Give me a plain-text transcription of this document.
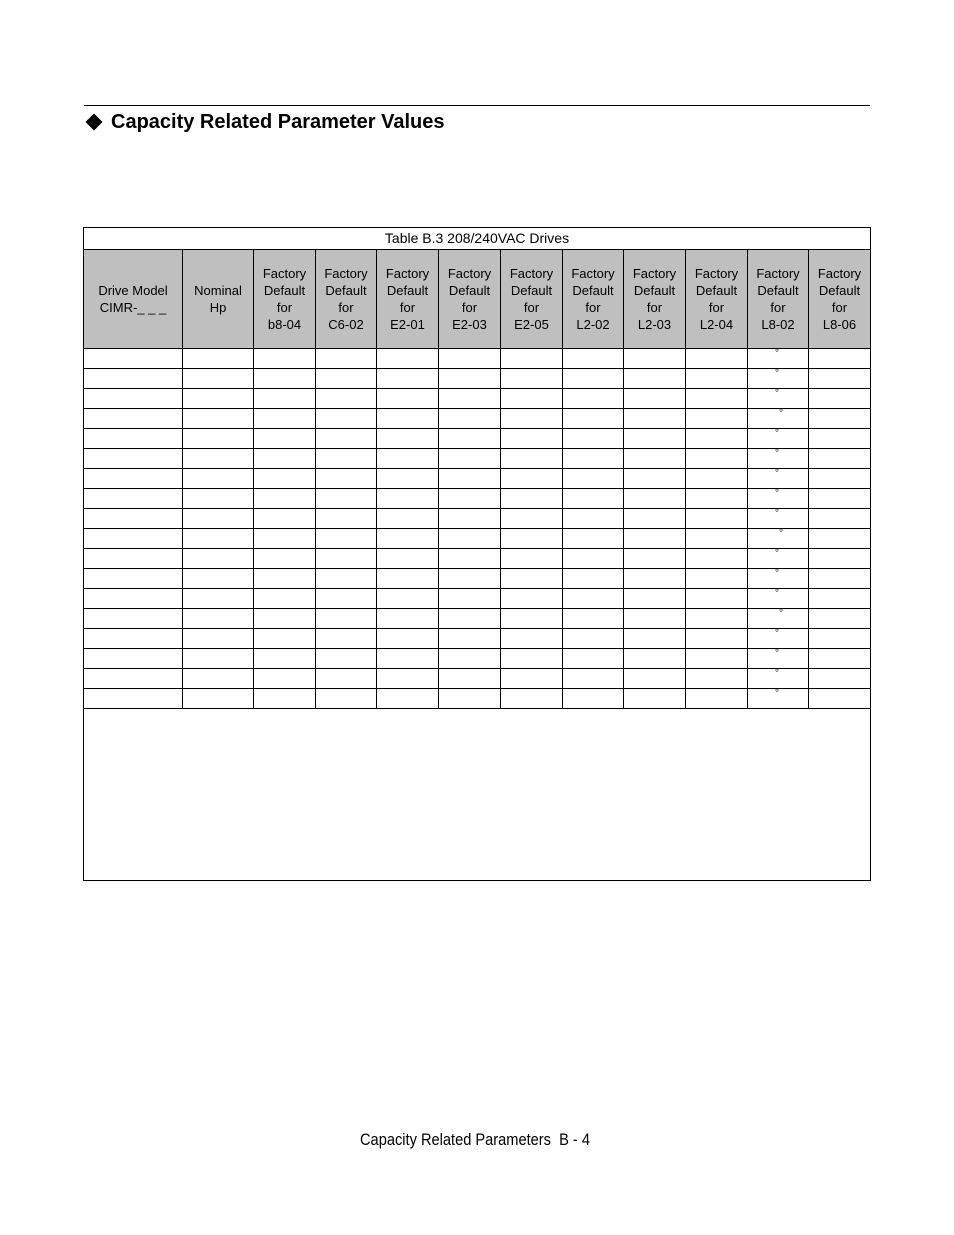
Capacity Related Parameter Values
Table B.3 208/240VAC Drives
Drive Model
CIMR-_ _ _
Nominal
Hp
Factory
Default
for
b8-04
Factory
Default
for
C6-02
Factory
Default
for
E2-01
Factory
Default
for
E2-03
Factory
Default
for
E2-05
Factory
Default
for
L2-02
Factory
Default
for
L2-03
Factory
Default
for
L2-04
Factory
Default
for
L8-02
Factory
Default
for
L8-06
°
°
°
°
°
°
°
°
°
°
°
°
°
°
°
°
°
°
Capacity Related Parameters  B - 4
